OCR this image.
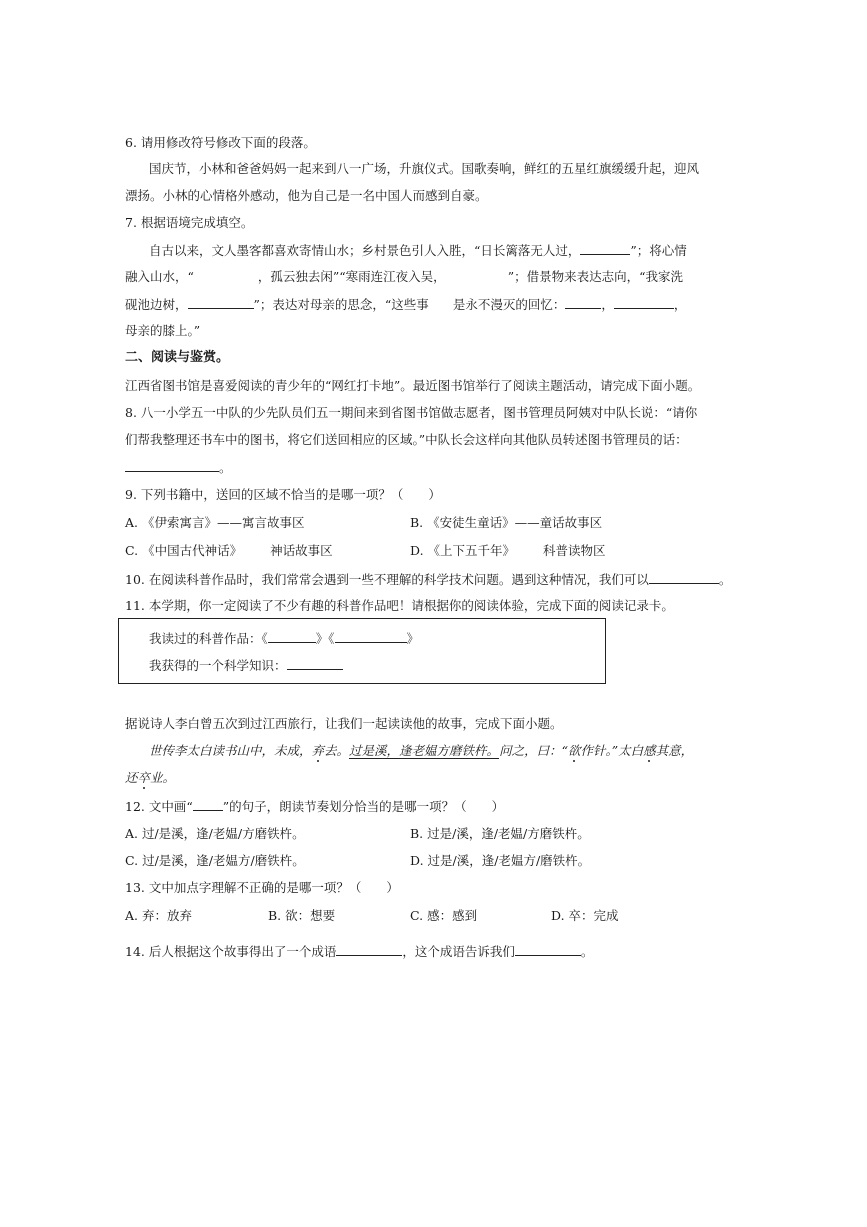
6. 请用修改符号修改下面的段落。
国庆节，小林和爸爸妈妈一起来到八一广场，升旗仪式。国歌奏响，鲜红的五星红旗缓缓升起，迎风
漂扬。小林的心情格外感动，他为自己是一名中国人而感到自豪。
7. 根据语境完成填空。
自古以来，文人墨客都喜欢寄情山水；乡村景色引人入胜，“日长篱落无人过，	”；将心情
融入山水，“	，孤云独去闲”“寒雨连江夜入吴，	”；借景物来表达志向，“我家洗
砚池边树，	”；表达对母亲的思念，“这些事 是永不漫灭的回忆：	，	，
母亲的膝上。”
二、阅读与鉴赏。
江西省图书馆是喜爱阅读的青少年的“网红打卡地”。最近图书馆举行了阅读主题活动，请完成下面小题。
8. 八一小学五一中队的少先队员们五一期间来到省图书馆做志愿者，图书管理员阿姨对中队长说：“请你
们帮我整理还书车中的图书，将它们送回相应的区域。”中队长会这样向其他队员转述图书管理员的话：
。
9. 下列书籍中，送回的区域不恰当的是哪一项？（　　）
A. 《伊索寓言》——寓言故事区	B. 《安徒生童话》——童话故事区
C. 《中国古代神话》 神话故事区	D. 《上下五千年》 科普读物区
10. 在阅读科普作品时，我们常常会遇到一些不理解的科学技术问题。遇到这种情况，我们可以	。
11. 本学期，你一定阅读了不少有趣的科普作品吧！请根据你的阅读体验，完成下面的阅读记录卡。
我读过的科普作品：《	》《	》
我获得的一个科学知识：
据说诗人李白曾五次到过江西旅行，让我们一起读读他的故事，完成下面小题。
世传李太白读书山中，未成，弃去。过是溪，逢老媪方磨铁杵。问之，曰：“欲作针。”太白感其意，
还卒业。
12. 文中画“ ”的句子，朗读节奏划分恰当的是哪一项？（　　）
A. 过/是溪，逢/老媪/方磨铁杵。	B. 过是/溪，逢/老媪/方磨铁杵。
C. 过/是溪，逢/老媪方/磨铁杵。	D. 过是/溪，逢/老媪方/磨铁杵。
13. 文中加点字理解不正确的是哪一项？（　　）
A. 弃：放弃	B. 欲：想要	C. 感：感到	D. 卒：完成
14. 后人根据这个故事得出了一个成语	，这个成语告诉我们	。
